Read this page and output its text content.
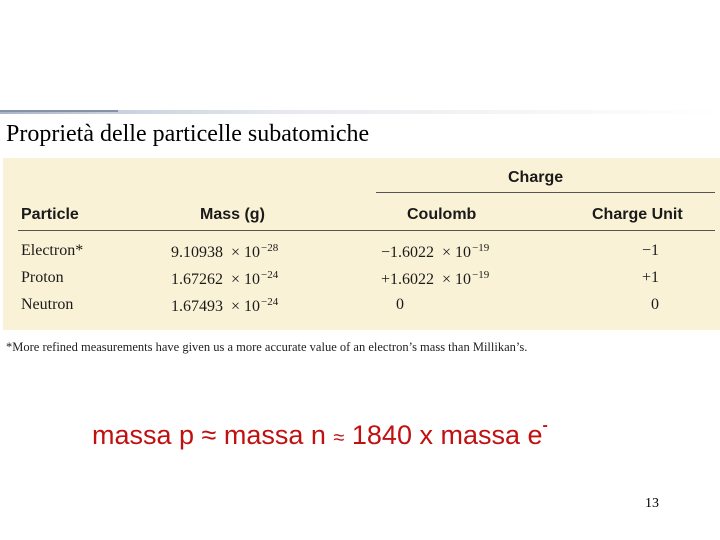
Proprietà delle particelle subatomiche
Charge
Particle	Mass (g)	Coulomb	Charge Unit
Electron*	$9.10938 \times 10^{-28}$	$-1.6022 \times 10^{-19}$	−1
Proton	$1.67262 \times 10^{-24}$	$+1.6022 \times 10^{-19}$	+1
Neutron	$1.67493 \times 10^{-24}$	0	0
*More refined measurements have given us a more accurate value of an electron’s mass than Millikan’s.
massa p ≈ massa n ≈ 1840 x massa e-
13
